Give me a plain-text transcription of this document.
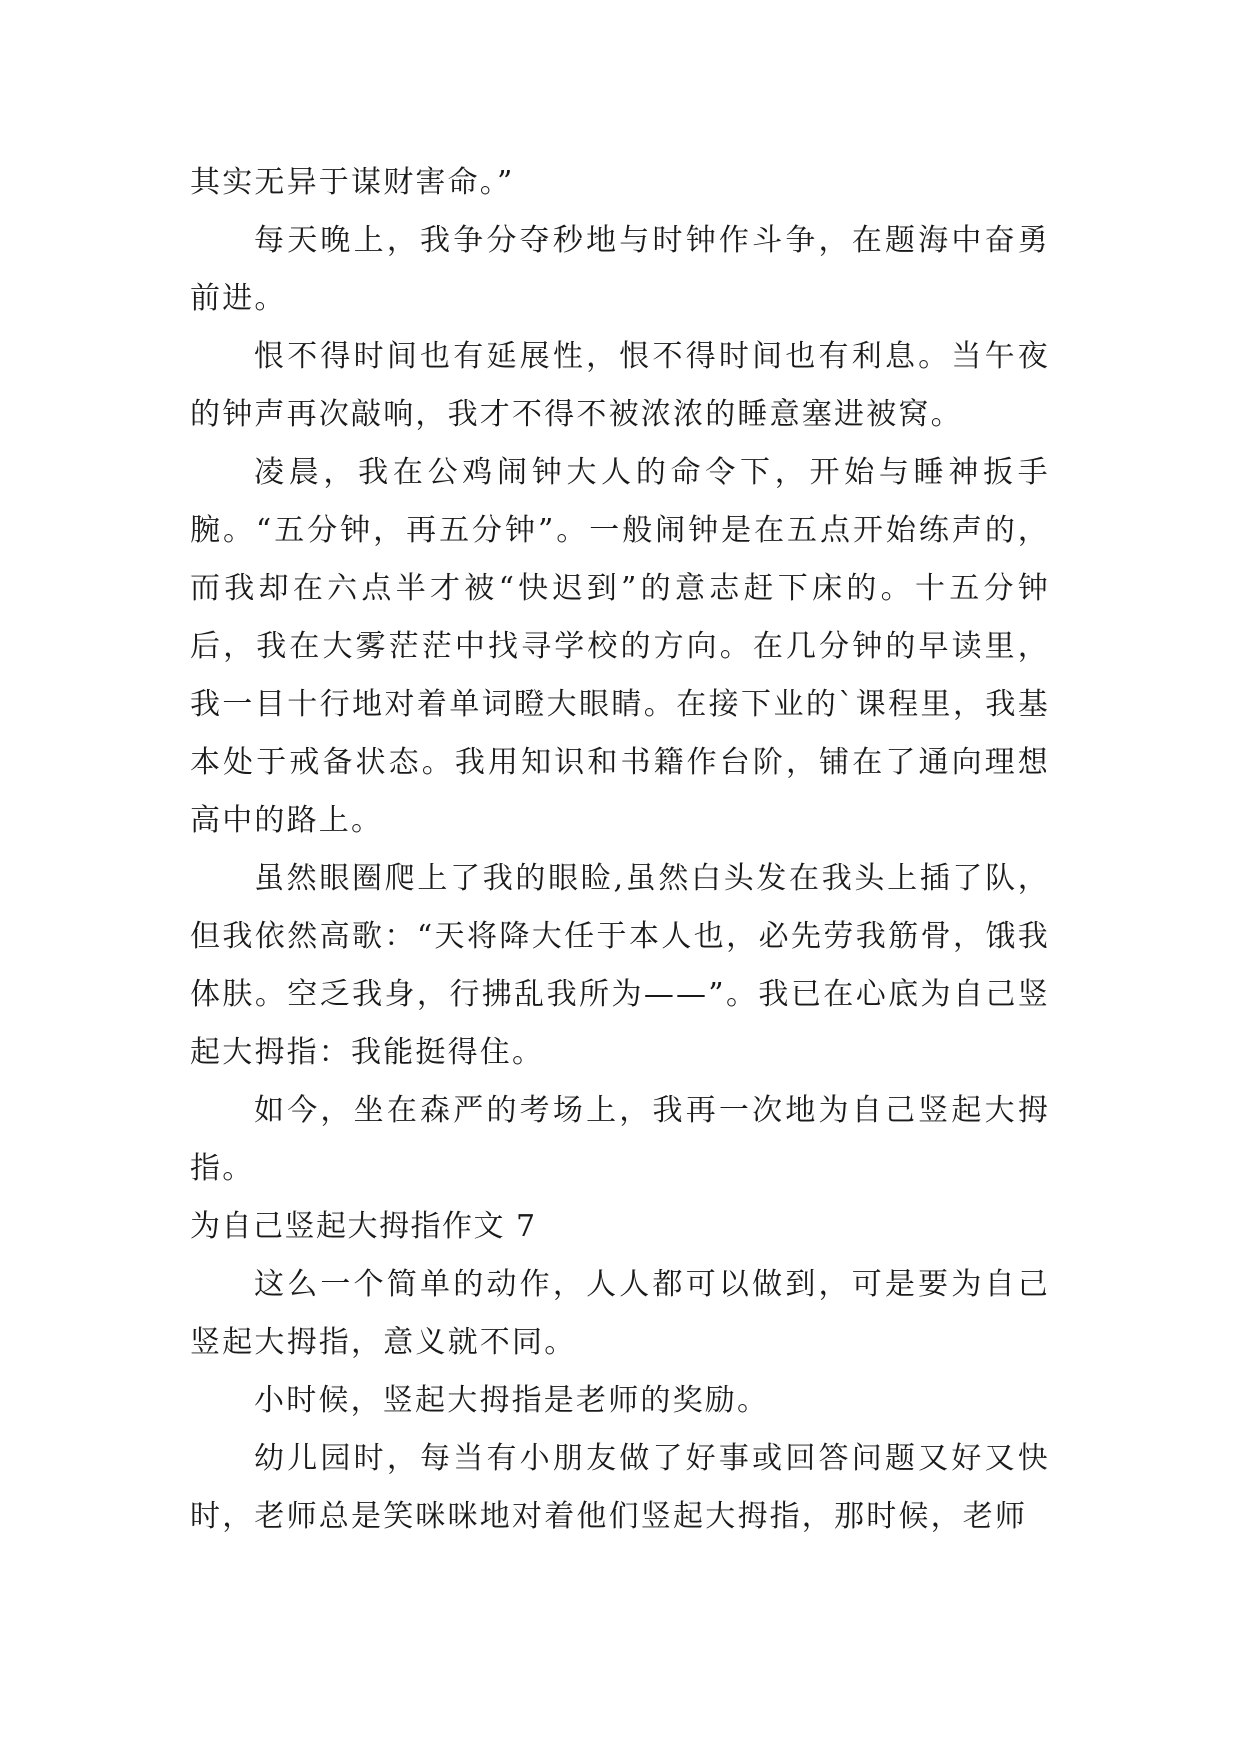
其实无异于谋财害命。”

每天晚上，我争分夺秒地与时钟作斗争，在题海中奋勇前进。

恨不得时间也有延展性，恨不得时间也有利息。当午夜的钟声再次敲响，我才不得不被浓浓的睡意塞进被窝。

凌晨，我在公鸡闹钟大人的命令下，开始与睡神扳手腕。“五分钟，再五分钟”。一般闹钟是在五点开始练声的，而我却在六点半才被“快迟到”的意志赶下床的。十五分钟后，我在大雾茫茫中找寻学校的方向。在几分钟的早读里，我一目十行地对着单词瞪大眼睛。在接下业的`课程里，我基本处于戒备状态。我用知识和书籍作台阶，铺在了通向理想高中的路上。

虽然眼圈爬上了我的眼睑,虽然白头发在我头上插了队，但我依然高歌：“天将降大任于本人也，必先劳我筋骨，饿我体肤。空乏我身，行拂乱我所为——”。我已在心底为自己竖起大拇指：我能挺得住。

如今，坐在森严的考场上，我再一次地为自己竖起大拇指。

为自己竖起大拇指作文 7

这么一个简单的动作，人人都可以做到，可是要为自己竖起大拇指，意义就不同。

小时候，竖起大拇指是老师的奖励。

幼儿园时，每当有小朋友做了好事或回答问题又好又快时，老师总是笑咪咪地对着他们竖起大拇指，那时候，老师
